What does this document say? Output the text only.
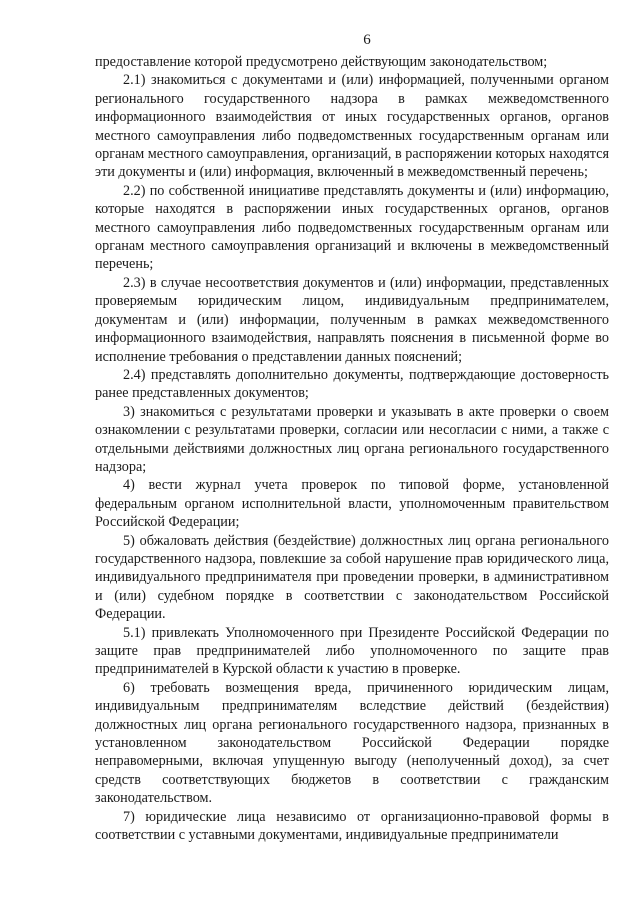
6

предоставление которой предусмотрено действующим законодательством;

2.1) знакомиться с документами и (или) информацией, полученными органом регионального государственного надзора в рамках межведомственного информационного взаимодействия от иных государственных органов, органов местного самоуправления либо подведомственных государственным органам или органам местного самоуправления, организаций, в распоряжении которых находятся эти документы и (или) информация, включенный в межведомственный перечень;

2.2) по собственной инициативе представлять документы и (или) информацию, которые находятся в распоряжении иных государственных органов, органов местного самоуправления либо подведомственных государственным органам или органам местного самоуправления организаций и включены в межведомственный перечень;

2.3) в случае несоответствия документов и (или) информации, представленных проверяемым юридическим лицом, индивидуальным предпринимателем, документам и (или) информации, полученным в рамках межведомственного информационного взаимодействия, направлять пояснения в письменной форме во исполнение требования о представлении данных пояснений;

2.4) представлять дополнительно документы, подтверждающие достоверность ранее представленных документов;

3) знакомиться с результатами проверки и указывать в акте проверки о своем ознакомлении с результатами проверки, согласии или несогласии с ними, а также с отдельными действиями должностных лиц органа регионального государственного надзора;

4) вести журнал учета проверок по типовой форме, установленной федеральным органом исполнительной власти, уполномоченным правительством Российской Федерации;

5) обжаловать действия (бездействие) должностных лиц органа регионального государственного надзора, повлекшие за собой нарушение прав юридического лица, индивидуального предпринимателя при проведении проверки, в административном и (или) судебном порядке в соответствии с законодательством Российской Федерации.

5.1) привлекать Уполномоченного при Президенте Российской Федерации по защите прав предпринимателей либо уполномоченного по защите прав предпринимателей в Курской области к участию в проверке.

6) требовать возмещения вреда, причиненного юридическим лицам, индивидуальным предпринимателям вследствие действий (бездействия) должностных лиц органа регионального государственного надзора, признанных в установленном законодательством Российской Федерации порядке неправомерными, включая упущенную выгоду (неполученный доход), за счет средств соответствующих бюджетов в соответствии с гражданским законодательством.

7) юридические лица независимо от организационно-правовой формы в соответствии с уставными документами, индивидуальные предприниматели
